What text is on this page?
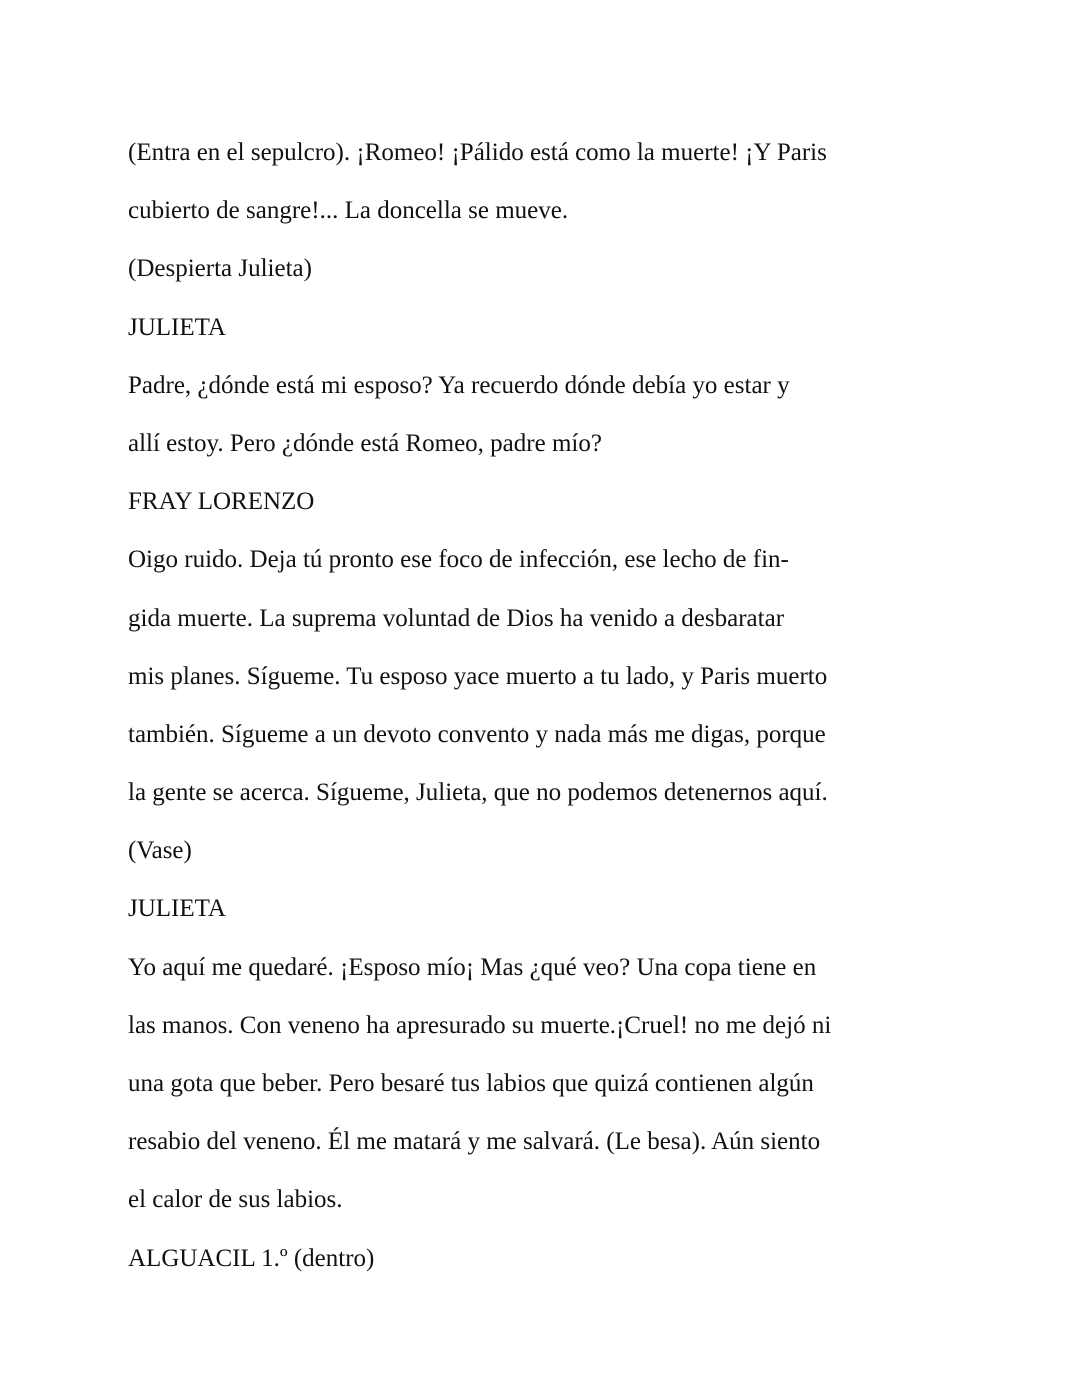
(Entra en el sepulcro). ¡Romeo! ¡Pálido está como la muerte! ¡Y Paris
cubierto de sangre!... La doncella se mueve.
(Despierta Julieta)
JULIETA
Padre, ¿dónde está mi esposo? Ya recuerdo dónde debía yo estar y
allí estoy. Pero ¿dónde está Romeo, padre mío?
FRAY LORENZO
Oigo ruido. Deja tú pronto ese foco de infección, ese lecho de fin-
gida muerte. La suprema voluntad de Dios ha venido a desbaratar
mis planes. Sígueme. Tu esposo yace muerto a tu lado, y Paris muerto
también. Sígueme a un devoto convento y nada más me digas, porque
la gente se acerca. Sígueme, Julieta, que no podemos detenernos aquí.
(Vase)
JULIETA
Yo aquí me quedaré. ¡Esposo mío¡ Mas ¿qué veo? Una copa tiene en
las manos. Con veneno ha apresurado su muerte.¡Cruel! no me dejó ni
una gota que beber. Pero besaré tus labios que quizá contienen algún
resabio del veneno. Él me matará y me salvará. (Le besa). Aún siento
el calor de sus labios.
ALGUACIL 1.º (dentro)
